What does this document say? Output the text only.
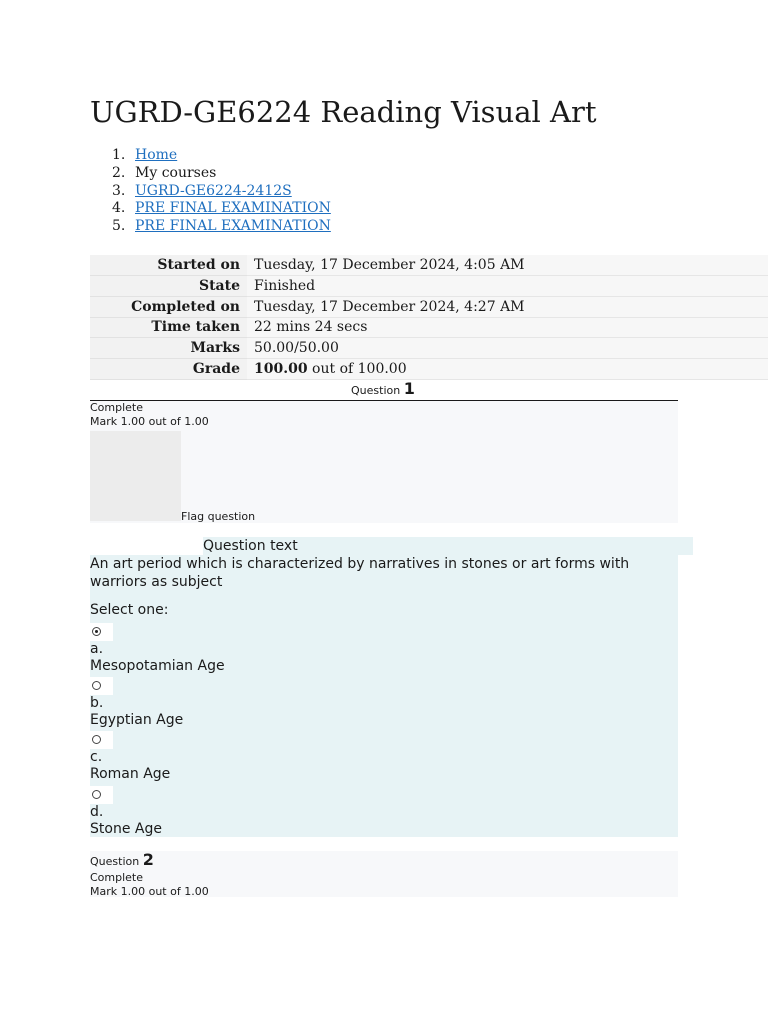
UGRD-GE6224 Reading Visual Art
1. Home
2. My courses
3. UGRD-GE6224-2412S
4. PRE FINAL EXAMINATION
5. PRE FINAL EXAMINATION
Started on	Tuesday, 17 December 2024, 4:05 AM
State	Finished
Completed on	Tuesday, 17 December 2024, 4:27 AM
Time taken	22 mins 24 secs
Marks	50.00/50.00
Grade	100.00 out of 100.00
Question 1
Complete
Mark 1.00 out of 1.00
Flag question
Question text
An art period which is characterized by narratives in stones or art forms with warriors as subject
Select one:
a.
Mesopotamian Age
b.
Egyptian Age
c.
Roman Age
d.
Stone Age
Question 2
Complete
Mark 1.00 out of 1.00
